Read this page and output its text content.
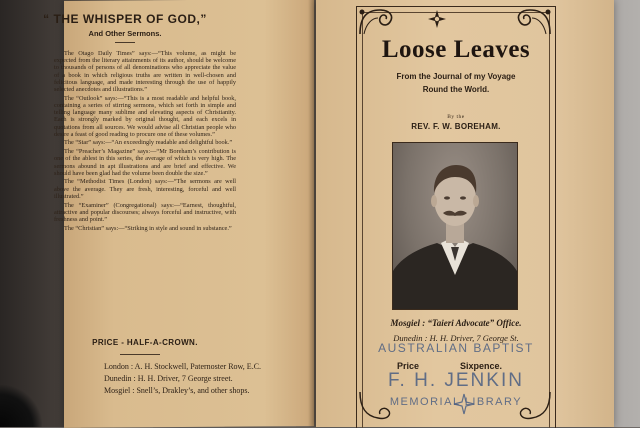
“ THE WHISPER OF GOD,”
And Other Sermons.

The Otago Daily Times” says:—“This volume, as might be expected from the literary attainments of its author, should be welcome to thousands of persons of all denominations who appreciate the value of a book in which religious truths are written in well-chosen and felicitous language, and made interesting through the use of happily selected anecdotes and illustrations.”

The “Outlook” says:—“This is a most readable and helpful book, containing a series of stirring sermons, which set forth in simple and telling language many sublime and elevating aspects of Christianity. Each is strongly marked by original thought, and each excels in quotations from all sources. We would advise all Christian people who desire a feast of good reading to procure one of these volumes.”

The “Star” says:—“An exceedingly readable and delightful book.”

The “Preacher’s Magazine” says:—“Mr Boreham’s contribution is one of the ablest in this series, the average of which is very high. The sermons abound in apt illustrations and are brief and effective. We should have been glad had the volume been double the size.”

The “Methodist Times (London) says:—“The sermons are well above the average. They are fresh, interesting, forceful and well illustrated.”

The “Examiner” (Congregational) says:—“Earnest, thoughtful, attractive and popular discourses; always forceful and instructive, with freshness and point.”

The “Christian” says:—“Striking in style and sound in substance.”

PRICE - HALF-A-CROWN.
London : A. H. Stockwell, Paternoster Row, E.C.
Dunedin : H. H. Driver, 7 George street.
Mosgiel : Snell’s, Drakley’s, and other shops.
Loose Leaves
From the Journal of my Voyage
Round the World.
By the
REV. F. W. BOREHAM.
Mosgiel : “Taieri Advocate” Office.
Dunedin : H. H. Driver, 7 George St.
AUSTRALIAN BAPTIST
Price	Sixpence.
F. H. JENKIN
MEMORIAL LIBRARY
